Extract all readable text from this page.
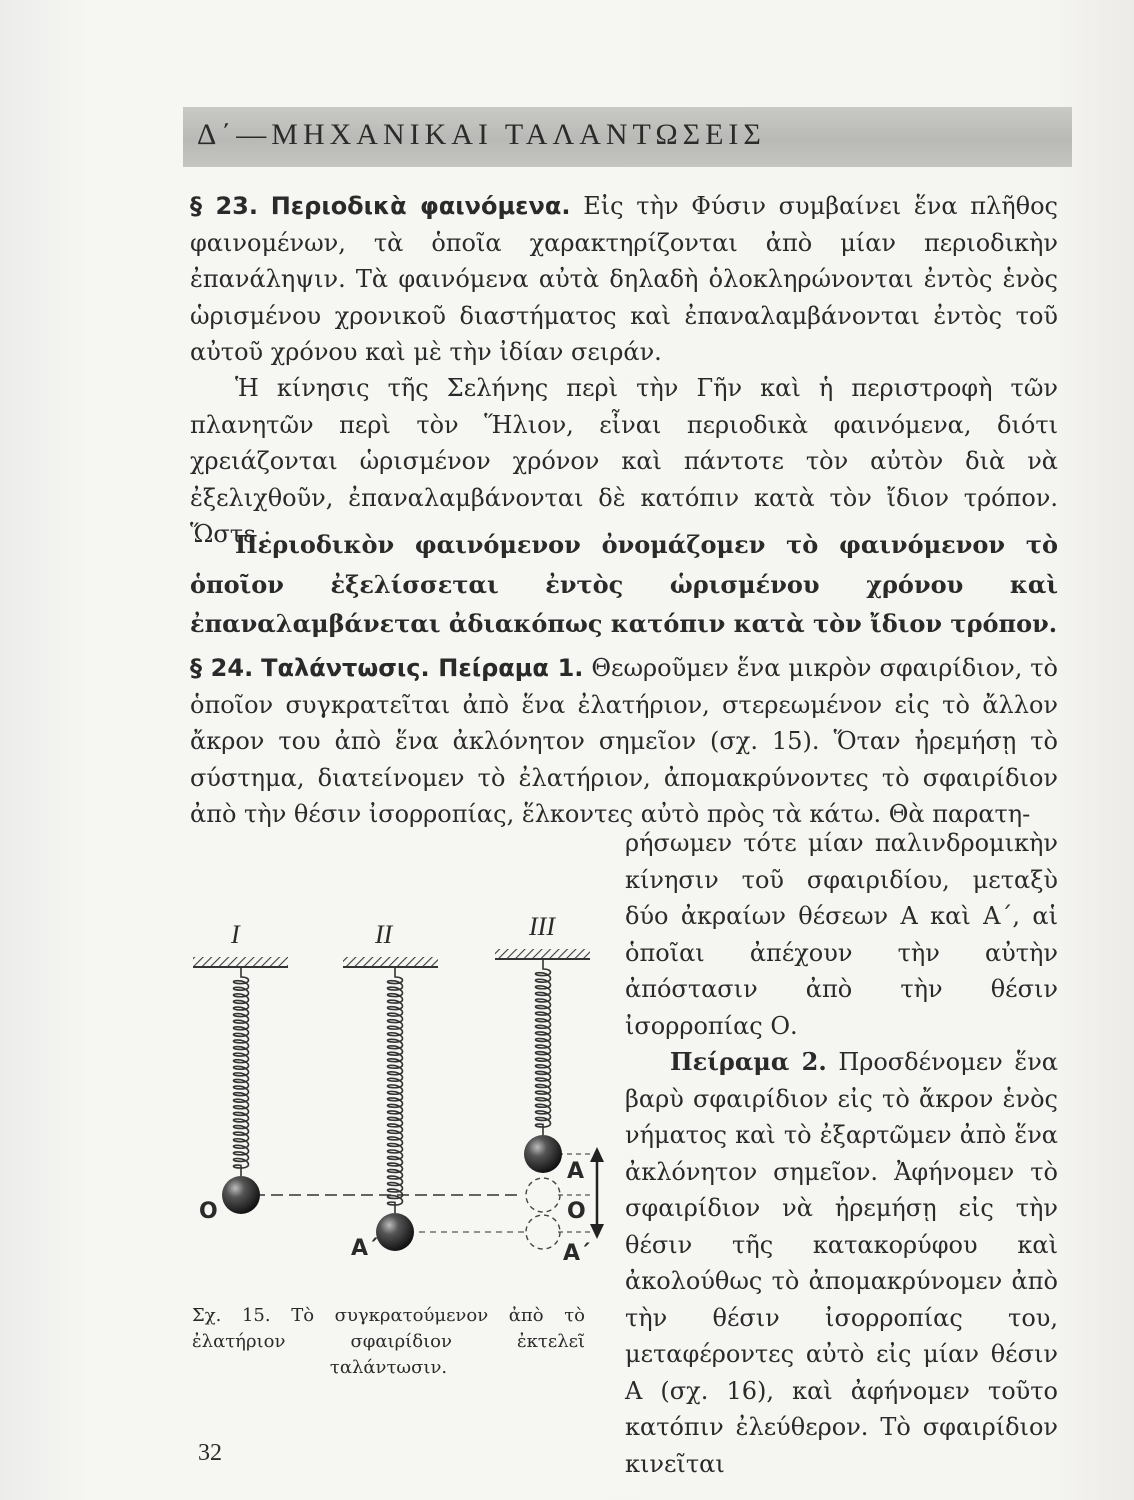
Δ΄—ΜΗΧΑΝΙΚΑΙ ΤΑΛΑΝΤΩΣΕΙΣ

§ 23. Περιοδικὰ φαινόμενα. Εἰς τὴν Φύσιν συμβαίνει ἕνα πλῆθος φαινομένων, τὰ ὁποῖα χαρακτηρίζονται ἀπὸ μίαν περιοδικὴν ἐπανάληψιν. Τὰ φαινόμενα αὐτὰ δηλαδὴ ὁλοκληρώνονται ἐντὸς ἑνὸς ὡρισμένου χρονικοῦ διαστήματος καὶ ἐπαναλαμβάνονται ἐντὸς τοῦ αὐτοῦ χρόνου καὶ μὲ τὴν ἰδίαν σειράν.

Ἡ κίνησις τῆς Σελήνης περὶ τὴν Γῆν καὶ ἡ περιστροφὴ τῶν πλανητῶν περὶ τὸν Ἥλιον, εἶναι περιοδικὰ φαινόμενα, διότι χρειάζονται ὡρισμένον χρόνον καὶ πάντοτε τὸν αὐτὸν διὰ νὰ ἐξελιχθοῦν, ἐπαναλαμβάνονται δὲ κατόπιν κατὰ τὸν ἴδιον τρόπον. Ὥστε :

Περιοδικὸν φαινόμενον ὀνομάζομεν τὸ φαινόμενον τὸ ὁποῖον ἐξελίσσεται ἐντὸς ὡρισμένου χρόνου καὶ ἐπαναλαμβάνεται ἀδιακόπως κατόπιν κατὰ τὸν ἴδιον τρόπον.

§ 24. Ταλάντωσις. Πείραμα 1. Θεωροῦμεν ἕνα μικρὸν σφαιρίδιον, τὸ ὁποῖον συγκρατεῖται ἀπὸ ἕνα ἐλατήριον, στερεωμένον εἰς τὸ ἄλλον ἄκρον του ἀπὸ ἕνα ἀκλόνητον σημεῖον (σχ. 15). Ὅταν ἠρεμήσῃ τὸ σύστημα, διατείνομεν τὸ ἐλατήριον, ἀπομακρύνοντες τὸ σφαιρίδιον ἀπὸ τὴν θέσιν ἰσορροπίας, ἕλκοντες αὐτὸ πρὸς τὰ κάτω. Θὰ παρατη-

ρήσωμεν τότε μίαν παλινδρομικὴν κίνησιν τοῦ σφαιριδίου, μεταξὺ δύο ἀκραίων θέσεων Α καὶ Α΄, αἱ ὁποῖαι ἀπέχουν τὴν αὐτὴν ἀπόστασιν ἀπὸ τὴν θέσιν ἰσορροπίας Ο.

Πείραμα 2. Προσδένομεν ἕνα βαρὺ σφαιρίδιον εἰς τὸ ἄκρον ἑνὸς νήματος καὶ τὸ ἐξαρτῶμεν ἀπὸ ἕνα ἀκλόνητον σημεῖον. Ἀφήνομεν τὸ σφαιρίδιον νὰ ἠρεμήσῃ εἰς τὴν θέσιν τῆς κατακορύφου καὶ ἀκολούθως τὸ ἀπομακρύνομεν ἀπὸ τὴν θέσιν ἰσορροπίας του, μεταφέροντες αὐτὸ εἰς μίαν θέσιν Α (σχ. 16), καὶ ἀφήνομεν τοῦτο κατόπιν ἐλεύθερον. Τὸ σφαιρίδιον κινεῖται

I	II	III
O
A΄
A
O
A΄
Σχ. 15. Τὸ συγκρατούμενον ἀπὸ τὸ ἐλατήριον σφαιρίδιον ἐκτελεῖ ταλάντωσιν.
32
